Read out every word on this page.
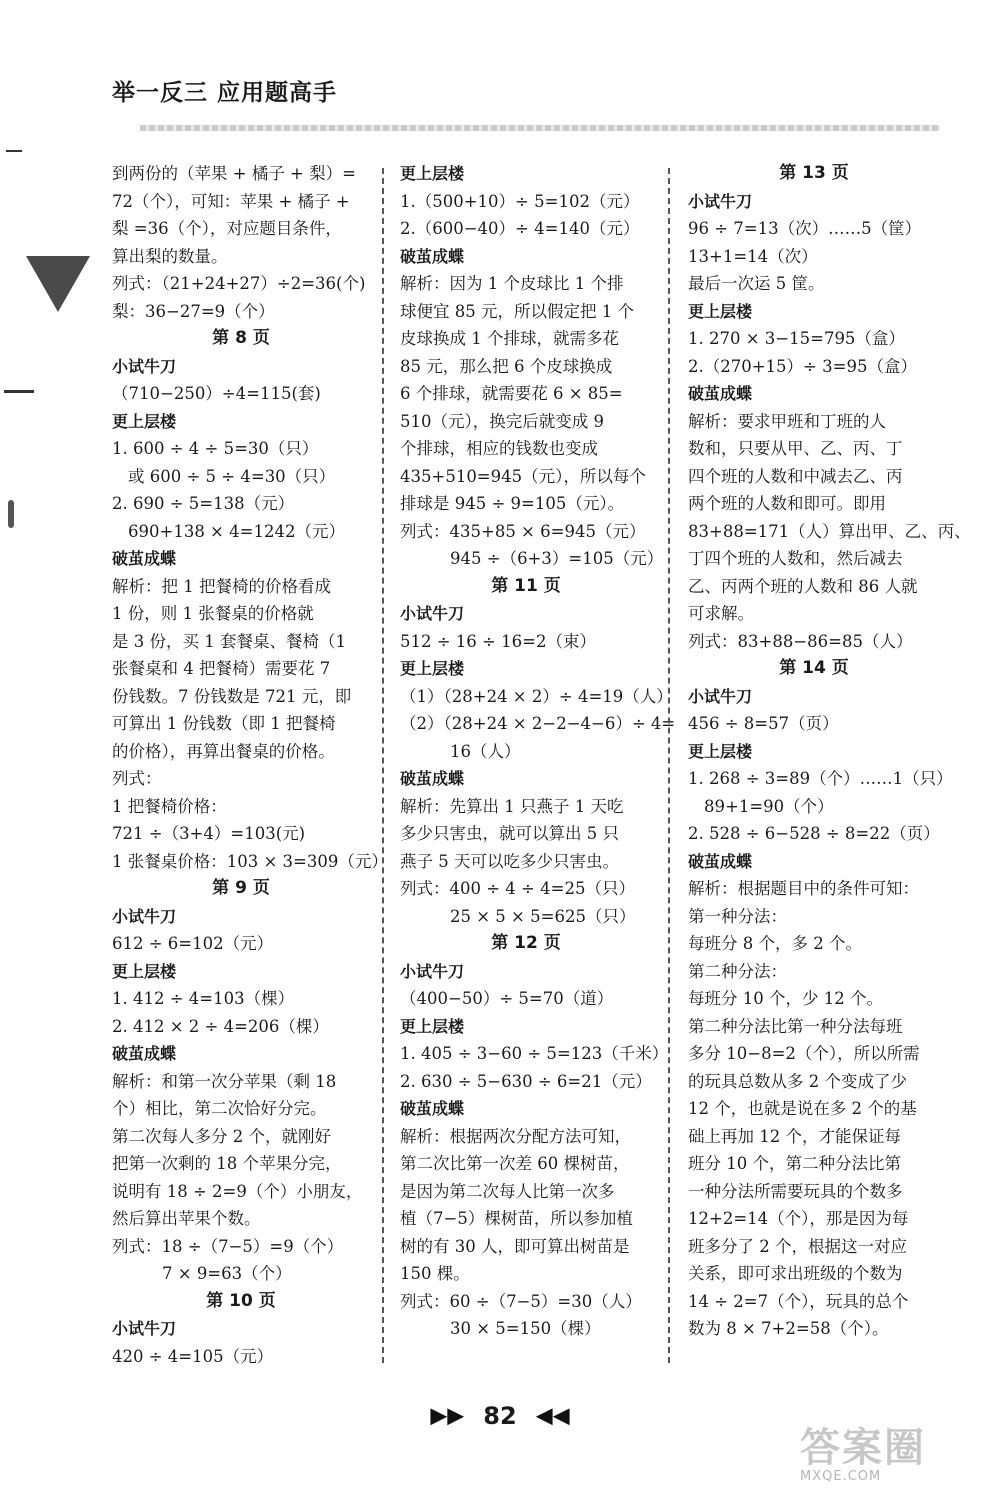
举一反三 应用题高手
到两份的（苹果 + 橘子 + 梨）=
72（个），可知：苹果 + 橘子 +
梨 =36（个），对应题目条件，
算出梨的数量。
列式：（21+24+27）÷2=36(个)
梨：36−27=9（个）
第 8 页
小试牛刀
（710−250）÷4=115(套)
更上层楼
1. 600 ÷ 4 ÷ 5=30（只）
或 600 ÷ 5 ÷ 4=30（只）
2. 690 ÷ 5=138（元）
690+138 × 4=1242（元）
破茧成蝶
解析：把 1 把餐椅的价格看成
1 份，则 1 张餐桌的价格就
是 3 份，买 1 套餐桌、餐椅（1
张餐桌和 4 把餐椅）需要花 7
份钱数。7 份钱数是 721 元，即
可算出 1 份钱数（即 1 把餐椅
的价格），再算出餐桌的价格。
列式：
1 把餐椅价格：
721 ÷（3+4）=103(元)
1 张餐桌价格：103 × 3=309（元）
第 9 页
小试牛刀
612 ÷ 6=102（元）
更上层楼
1. 412 ÷ 4=103（棵）
2. 412 × 2 ÷ 4=206（棵）
破茧成蝶
解析：和第一次分苹果（剩 18
个）相比，第二次恰好分完。
第二次每人多分 2 个，就刚好
把第一次剩的 18 个苹果分完，
说明有 18 ÷ 2=9（个）小朋友，
然后算出苹果个数。
列式：18 ÷（7−5）=9（个）
7 × 9=63（个）
第 10 页
小试牛刀
420 ÷ 4=105（元）
更上层楼
1.（500+10）÷ 5=102（元）
2.（600−40）÷ 4=140（元）
破茧成蝶
解析：因为 1 个皮球比 1 个排
球便宜 85 元，所以假定把 1 个
皮球换成 1 个排球，就需多花
85 元，那么把 6 个皮球换成
6 个排球，就需要花 6 × 85=
510（元），换完后就变成 9
个排球，相应的钱数也变成
435+510=945（元），所以每个
排球是 945 ÷ 9=105（元）。
列式：435+85 × 6=945（元）
945 ÷（6+3）=105（元）
第 11 页
小试牛刀
512 ÷ 16 ÷ 16=2（束）
更上层楼
（1）（28+24 × 2）÷ 4=19（人）
（2）（28+24 × 2−2−4−6）÷ 4=
16（人）
破茧成蝶
解析：先算出 1 只燕子 1 天吃
多少只害虫，就可以算出 5 只
燕子 5 天可以吃多少只害虫。
列式：400 ÷ 4 ÷ 4=25（只）
25 × 5 × 5=625（只）
第 12 页
小试牛刀
（400−50）÷ 5=70（道）
更上层楼
1. 405 ÷ 3−60 ÷ 5=123（千米）
2. 630 ÷ 5−630 ÷ 6=21（元）
破茧成蝶
解析：根据两次分配方法可知，
第二次比第一次差 60 棵树苗，
是因为第二次每人比第一次多
植（7−5）棵树苗，所以参加植
树的有 30 人，即可算出树苗是
150 棵。
列式：60 ÷（7−5）=30（人）
30 × 5=150（棵）
第 13 页
小试牛刀
96 ÷ 7=13（次）……5（筐）
13+1=14（次）
最后一次运 5 筐。
更上层楼
1. 270 × 3−15=795（盒）
2.（270+15）÷ 3=95（盒）
破茧成蝶
解析：要求甲班和丁班的人
数和，只要从甲、乙、丙、丁
四个班的人数和中减去乙、丙
两个班的人数和即可。即用
83+88=171（人）算出甲、乙、丙、
丁四个班的人数和，然后减去
乙、丙两个班的人数和 86 人就
可求解。
列式：83+88−86=85（人）
第 14 页
小试牛刀
456 ÷ 8=57（页）
更上层楼
1. 268 ÷ 3=89（个）……1（只）
89+1=90（个）
2. 528 ÷ 6−528 ÷ 8=22（页）
破茧成蝶
解析：根据题目中的条件可知：
第一种分法：
每班分 8 个，多 2 个。
第二种分法：
每班分 10 个，少 12 个。
第二种分法比第一种分法每班
多分 10−8=2（个），所以所需
的玩具总数从多 2 个变成了少
12 个，也就是说在多 2 个的基
础上再加 12 个，才能保证每
班分 10 个，第二种分法比第
一种分法所需要玩具的个数多
12+2=14（个），那是因为每
班多分了 2 个，根据这一对应
关系，即可求出班级的个数为
14 ÷ 2=7（个），玩具的总个
数为 8 × 7+2=58（个）。
▶▶ 82 ◀◀
答案圈
MXQE.COM
